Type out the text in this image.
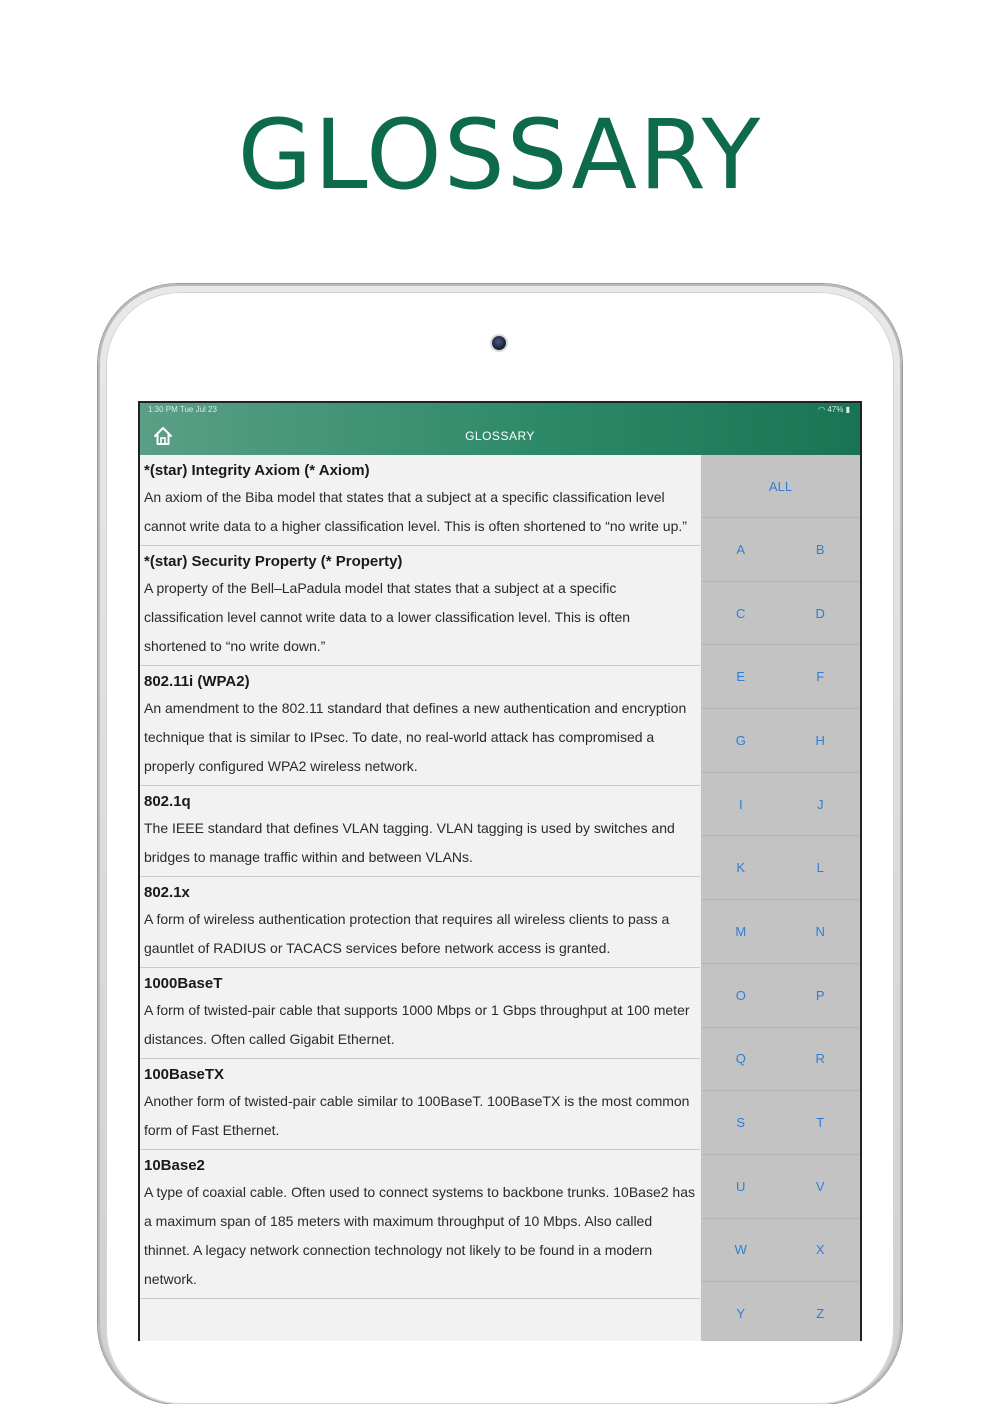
GLOSSARY
1:30 PM Tue Jul 23	◠ 47% ▮
GLOSSARY
*(star) Integrity Axiom (* Axiom)
An axiom of the Biba model that states that a subject at a specific classification level cannot write data to a higher classification level. This is often shortened to “no write up.”
*(star) Security Property (* Property)
A property of the Bell–LaPadula model that states that a subject at a specific classification level cannot write data to a lower classification level. This is often shortened to “no write down.”
802.11i (WPA2)
An amendment to the 802.11 standard that defines a new authentication and encryption technique that is similar to IPsec. To date, no real-world attack has compromised a properly configured WPA2 wireless network.
802.1q
The IEEE standard that defines VLAN tagging. VLAN tagging is used by switches and bridges to manage traffic within and between VLANs.
802.1x
A form of wireless authentication protection that requires all wireless clients to pass a gauntlet of RADIUS or TACACS services before network access is granted.
1000BaseT
A form of twisted-pair cable that supports 1000 Mbps or 1 Gbps throughput at 100 meter distances. Often called Gigabit Ethernet.
100BaseTX
Another form of twisted-pair cable similar to 100BaseT. 100BaseTX is the most common form of Fast Ethernet.
10Base2
A type of coaxial cable. Often used to connect systems to backbone trunks. 10Base2 has a maximum span of 185 meters with maximum throughput of 10 Mbps. Also called thinnet. A legacy network connection technology not likely to be found in a modern network.
ALL
A	B
C	D
E	F
G	H
I	J
K	L
M	N
O	P
Q	R
S	T
U	V
W	X
Y	Z
